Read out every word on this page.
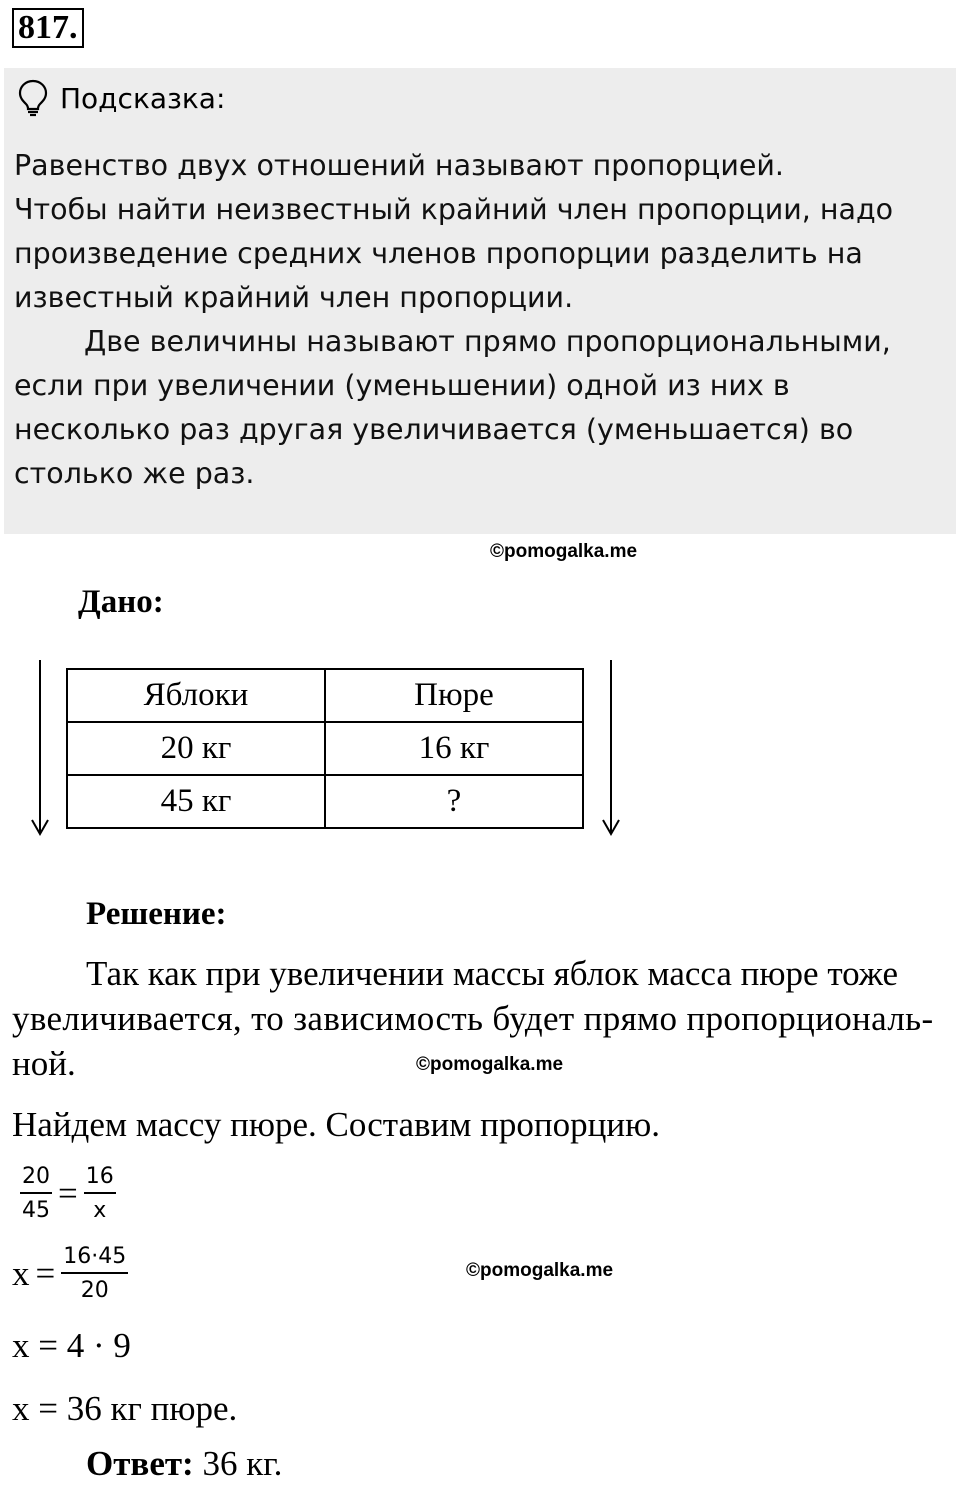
817.
Подсказка:

Равенство двух отношений называют пропорцией.

Чтобы найти неизвестный крайний член пропорции, надо

произведение средних членов пропорции разделить на

известный крайний член пропорции.

Две величины называют прямо пропорциональными,

если при увеличении (уменьшении) одной из них в

несколько раз другая увеличивается (уменьшается) во

столько же раз.

©pomogalka.me
Дано:
Яблоки	Пюре
20 кг	16 кг
45 кг	?
Решение:
Так как при увеличении массы яблок масса пюре тоже
увеличивается, то зависимость будет прямо пропорциональ-
ной.	©pomogalka.me
Найдем массу пюре. Составим пропорцию.
$\frac{20}{45} = \frac{16}{x}$
$x = \frac{16\cdot 45}{20}$	©pomogalka.me
x = 4 · 9
x = 36 кг пюре.
Ответ: 36 кг.
